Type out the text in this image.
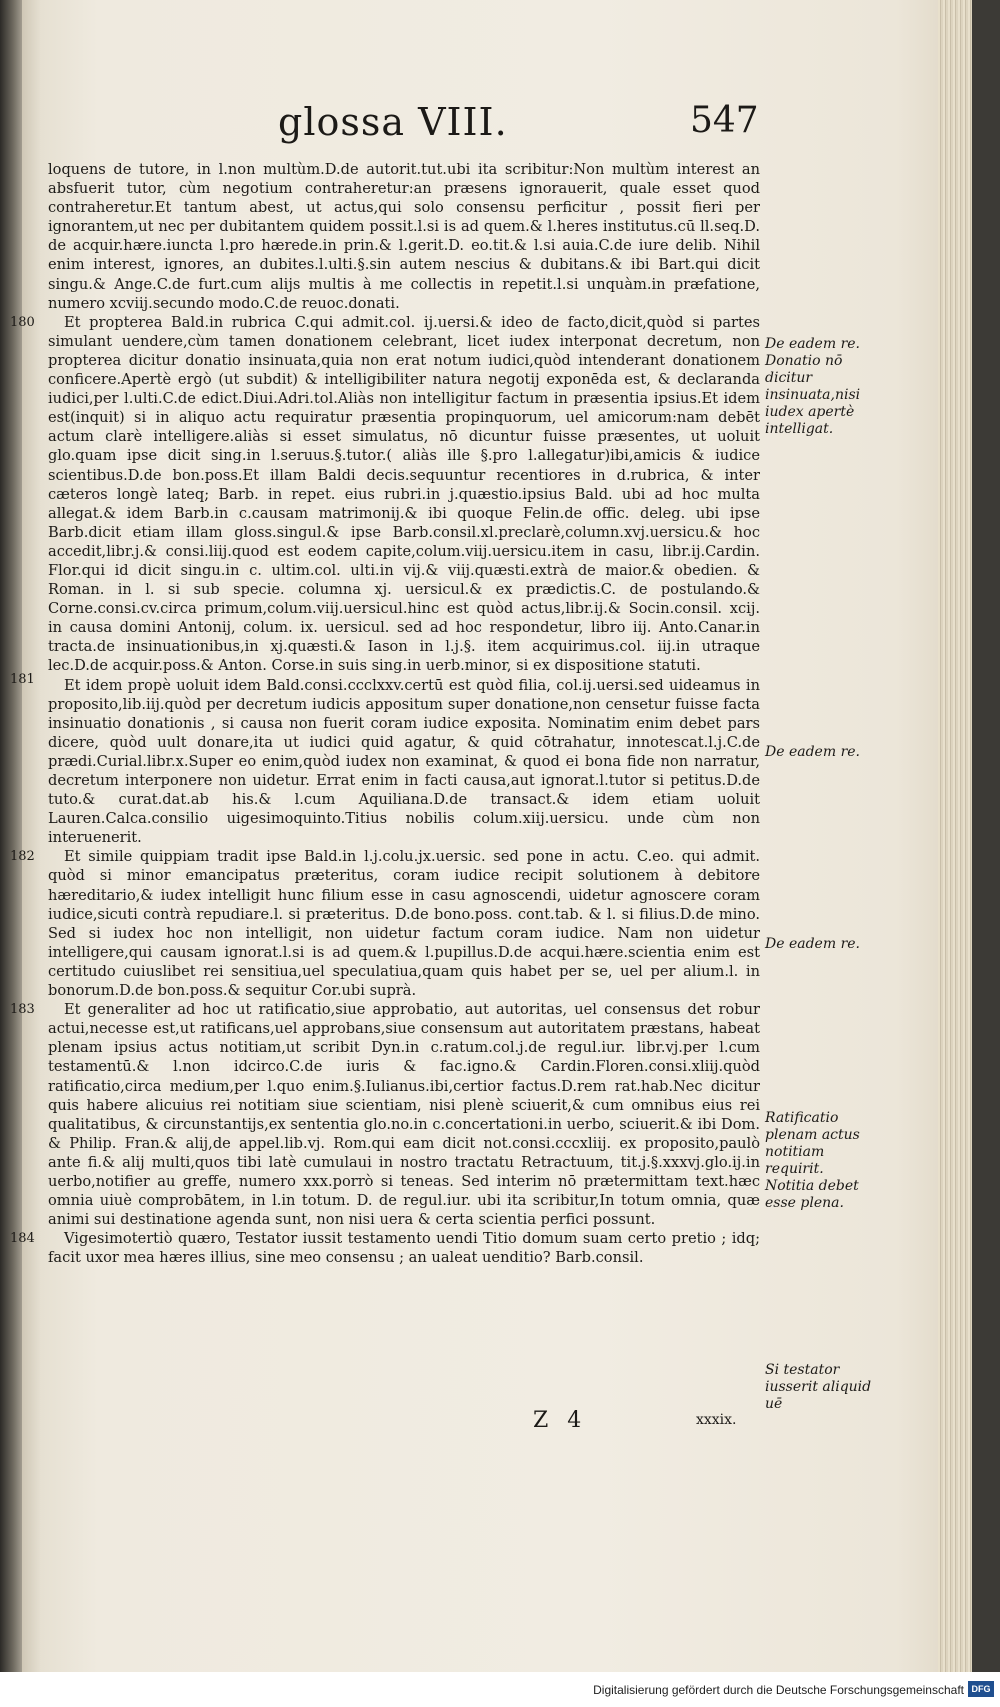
glossa VIII.	547

loquens de tutore, in l.non multùm.D.de autorit.tut.ubi ita scribitur:Non multùm interest an absfuerit tutor, cùm negotium contraheretur:an præsens ignorauerit, quale esset quod contraheretur.Et tantum abest, ut actus,qui solo consensu perficitur , possit fieri per ignorantem,ut nec per dubitantem quidem possit.l.si is ad quem.& l.heres institutus.cū ll.seq.D. de acquir.hære.iuncta l.pro hærede.in prin.& l.gerit.D. eo.tit.& l.si auia.C.de iure delib. Nihil enim interest, ignores, an dubites.l.ulti.§.sin autem nescius & dubitans.& ibi Bart.qui dicit singu.& Ange.C.de furt.cum alijs multis à me collectis in repetit.l.si unquàm.in præfatione, numero xcviij.secundo modo.C.de reuoc.donati.

180	Et propterea Bald.in rubrica C.qui admit.col. ij.uersi.& ideo de facto,dicit,quòd si partes simulant uendere,cùm tamen donationem celebrant, licet iudex interponat decretum, non propterea dicitur donatio insinuata,quia non erat notum iudici,quòd intenderant donationem conficere.Apertè ergò (ut subdit) & intelligibiliter natura negotij exponēda est, & declaranda iudici,per l.ulti.C.de edict.Diui.Adri.tol.Aliàs non intelligitur factum in præsentia ipsius.Et idem est(inquit) si in aliquo actu requiratur præsentia propinquorum, uel amicorum:nam debēt actum clarè intelligere.aliàs si esset simulatus, nō dicuntur fuisse præsentes, ut uoluit glo.quam ipse dicit sing.in l.seruus.§.tutor.( aliàs ille §.pro l.allegatur)ibi,amicis & iudice scientibus.D.de bon.poss.Et illam Baldi decis.sequuntur recentiores in d.rubrica, & inter cæteros longè lateq; Barb. in repet. eius rubri.in j.quæstio.ipsius Bald. ubi ad hoc multa allegat.& idem Barb.in c.causam matrimonij.& ibi quoque Felin.de offic. deleg. ubi ipse Barb.dicit etiam illam gloss.singul.& ipse Barb.consil.xl.preclarè,column.xvj.uersicu.& hoc accedit,libr.j.& consi.liij.quod est eodem capite,colum.viij.uersicu.item in casu, libr.ij.Cardin. Flor.qui id dicit singu.in c. ultim.col. ulti.in vij.& viij.quæsti.extrà de maior.& obedien. & Roman. in l. si sub specie. columna xj. uersicul.& ex prædictis.C. de postulando.& Corne.consi.cv.circa primum,colum.viij.uersicul.hinc est quòd actus,libr.ij.& Socin.consil. xcij. in causa domini Antonij, colum. ix. uersicul. sed ad hoc respondetur, libro iij. Anto.Canar.in tracta.de insinuationibus,in xj.quæsti.& Iason in l.j.§. item acquirimus.col. iij.in utraque lec.D.de acquir.poss.& Anton. Corse.in suis sing.in uerb.minor, si ex dispositione statuti.

181	Et idem propè uoluit idem Bald.consi.ccclxxv.certū est quòd filia, col.ij.uersi.sed uideamus in proposito,lib.iij.quòd per decretum iudicis appositum super donatione,non censetur fuisse facta insinuatio donationis , si causa non fuerit coram iudice exposita. Nominatim enim debet pars dicere, quòd uult donare,ita ut iudici quid agatur, & quid cōtrahatur, innotescat.l.j.C.de prædi.Curial.libr.x.Super eo enim,quòd iudex non examinat, & quod ei bona fide non narratur, decretum interponere non uidetur. Errat enim in facti causa,aut ignorat.l.tutor si petitus.D.de tuto.& curat.dat.ab his.& l.cum Aquiliana.D.de transact.& idem etiam uoluit Lauren.Calca.consilio uigesimoquinto.Titius nobilis colum.xiij.uersicu. unde cùm non interuenerit.

182	Et simile quippiam tradit ipse Bald.in l.j.colu.jx.uersic. sed pone in actu. C.eo. qui admit. quòd si minor emancipatus præteritus, coram iudice recipit solutionem à debitore hæreditario,& iudex intelligit hunc filium esse in casu agnoscendi, uidetur agnoscere coram iudice,sicuti contrà repudiare.l. si præteritus. D.de bono.poss. cont.tab. & l. si filius.D.de mino. Sed si iudex hoc non intelligit, non uidetur factum coram iudice. Nam non uidetur intelligere,qui causam ignorat.l.si is ad quem.& l.pupillus.D.de acqui.hære.scientia enim est certitudo cuiuslibet rei sensitiua,uel speculatiua,quam quis habet per se, uel per alium.l. in bonorum.D.de bon.poss.& sequitur Cor.ubi suprà.

183	Et generaliter ad hoc ut ratificatio,siue approbatio, aut autoritas, uel consensus det robur actui,necesse est,ut ratificans,uel approbans,siue consensum aut autoritatem præstans, habeat plenam ipsius actus notitiam,ut scribit Dyn.in c.ratum.col.j.de regul.iur. libr.vj.per l.cum testamentū.& l.non idcirco.C.de iuris & fac.igno.& Cardin.Floren.consi.xliij.quòd ratificatio,circa medium,per l.quo enim.§.Iulianus.ibi,certior factus.D.rem rat.hab.Nec dicitur quis habere alicuius rei notitiam siue scientiam, nisi plenè sciuerit,& cum omnibus eius rei qualitatibus, & circunstantijs,ex sententia glo.no.in c.concertationi.in uerbo, sciuerit.& ibi Dom. & Philip. Fran.& alij,de appel.lib.vj. Rom.qui eam dicit not.consi.cccxliij. ex proposito,paulò ante fi.& alij multi,quos tibi latè cumulaui in nostro tractatu Retractuum, tit.j.§.xxxvj.glo.ij.in uerbo,notifier au greffe, numero xxx.porrò si teneas. Sed interim nō prætermittam text.hæc omnia uiuè comprobātem, in l.in totum. D. de regul.iur. ubi ita scribitur,In totum omnia, quæ animi sui destinatione agenda sunt, non nisi uera & certa scientia perfici possunt.

184	Vigesimotertiò quæro, Testator iussit testamento uendi Titio domum suam certo pretio ; idq; facit uxor mea hæres illius, sine meo consensu ; an ualeat uenditio? Barb.consil.

De eadem re. Donatio nō dicitur insinuata,nisi iudex apertè intelligat.
De eadem re.
De eadem re.
Ratificatio plenam actus notitiam requirit. Notitia debet esse plena.
Si testator iusserit aliquid uē
Z 4	xxxix.
Digitalisierung gefördert durch die Deutsche Forschungsgemeinschaft DFG
